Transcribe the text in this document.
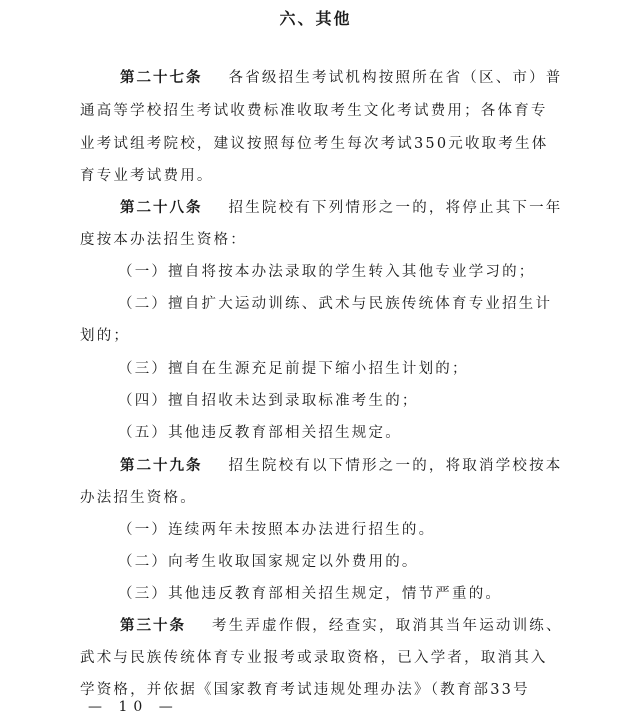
六、其他
第二十七条 各省级招生考试机构按照所在省（区、市）普
通高等学校招生考试收费标准收取考生文化考试费用；各体育专
业考试组考院校，建议按照每位考生每次考试350元收取考生体
育专业考试费用。
第二十八条 招生院校有下列情形之一的，将停止其下一年
度按本办法招生资格：
（一）擅自将按本办法录取的学生转入其他专业学习的；
（二）擅自扩大运动训练、武术与民族传统体育专业招生计
划的；
（三）擅自在生源充足前提下缩小招生计划的；
（四）擅自招收未达到录取标准考生的；
（五）其他违反教育部相关招生规定。
第二十九条 招生院校有以下情形之一的，将取消学校按本
办法招生资格。
（一）连续两年未按照本办法进行招生的。
（二）向考生收取国家规定以外费用的。
（三）其他违反教育部相关招生规定，情节严重的。
第三十条 考生弄虚作假，经查实，取消其当年运动训练、
武术与民族传统体育专业报考或录取资格，已入学者，取消其入
学资格，并依据《国家教育考试违规处理办法》（教育部33号
— 10 —
